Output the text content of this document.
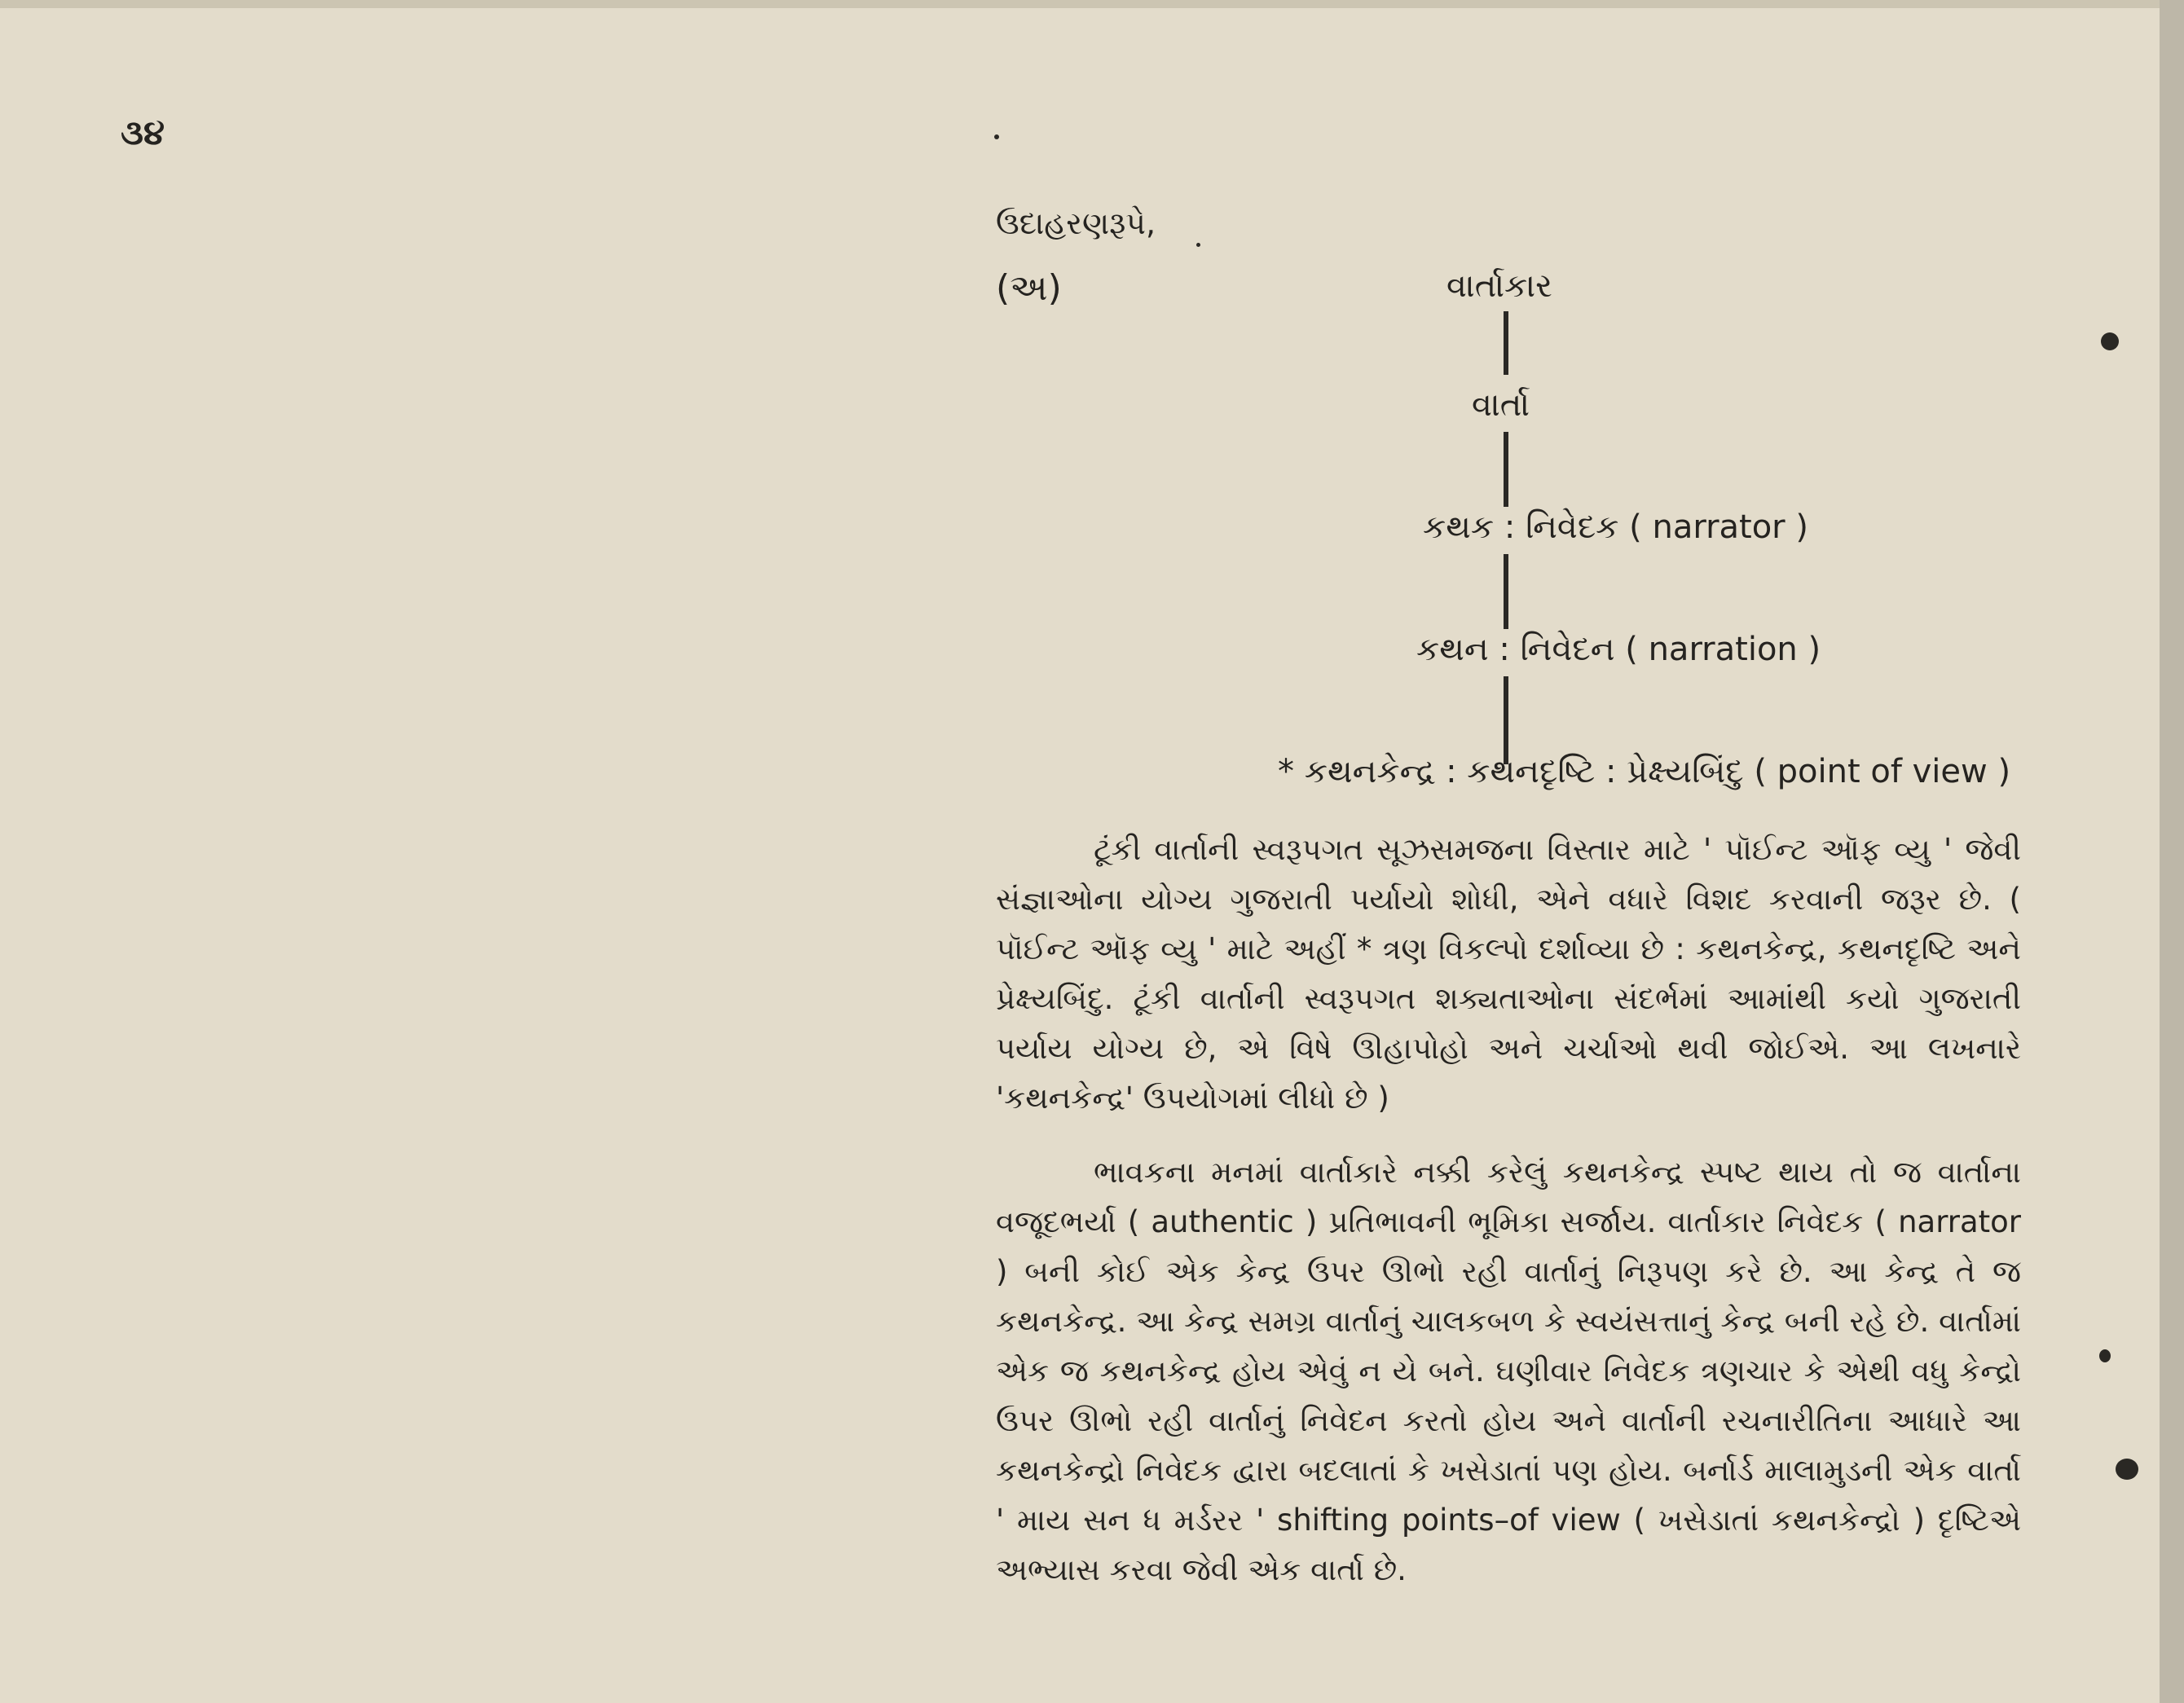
૩૪
ઉદાહરણરૂપે,
(અ)	વાર્તાકાર
વાર્તા
કથક : નિવેદક ( narrator )
કથન : નિવેદન ( narration )
* કથનકેન્દ્ર : કથનદૃષ્ટિ : પ્રેક્ષ્યબિંદુ ( point of view )

ટૂંકી વાર્તાની સ્વરૂપગત સૂઝસમજના વિસ્તાર માટે ' પૉઈન્ટ ઑફ વ્યુ ' જેવી સંજ્ઞાઓના યોગ્ય ગુજરાતી પર્યાયો શોધી, એને વધારે વિશદ કરવાની જરૂર છે. ( પૉઈન્ટ ઑફ વ્યુ ' માટે અહીં * ત્રણ વિકલ્પો દર્શાવ્યા છે : કથનકેન્દ્ર, કથનદૃષ્ટિ અને પ્રેક્ષ્યબિંદુ. ટૂંકી વાર્તાની સ્વરૂપગત શક્યતાઓના સંદર્ભમાં આમાંથી કયો ગુજરાતી પર્યાય યોગ્ય છે, એ વિષે ઊહાપોહો અને ચર્ચાઓ થવી જોઈએ. આ લખનારે 'કથનકેન્દ્ર' ઉપયોગમાં લીધો છે )

ભાવકના મનમાં વાર્તાકારે નક્કી કરેલું કથનકેન્દ્ર સ્પષ્ટ થાય તો જ વાર્તાના વજૂદભર્યા ( authentic ) પ્રતિભાવની ભૂમિકા સર્જાય. વાર્તાકાર નિવેદક ( narrator ) બની કોઈ એક કેન્દ્ર ઉપર ઊભો રહી વાર્તાનું નિરૂપણ કરે છે. આ કેન્દ્ર તે જ કથનકેન્દ્ર. આ કેન્દ્ર સમગ્ર વાર્તાનું ચાલકબળ કે સ્વયંસત્તાનું કેન્દ્ર બની રહે છે. વાર્તામાં એક જ કથનકેન્દ્ર હોય એવું ન યે બને. ઘણીવાર નિવેદક ત્રણચાર કે એથી વધુ કેન્દ્રો ઉપર ઊભો રહી વાર્તાનું નિવેદન કરતો હોય અને વાર્તાની રચનારીતિના આધારે આ કથનકેન્દ્રો નિવેદક દ્વારા બદલાતાં કે ખસેડાતાં પણ હોય. બર્નાર્ડ માલામુડની એક વાર્તા ' માય સન ધ મર્ડરર ' shifting points–of view ( ખસેડાતાં કથનકેન્દ્રો ) દૃષ્ટિએ અભ્યાસ કરવા જેવી એક વાર્તા છે.
